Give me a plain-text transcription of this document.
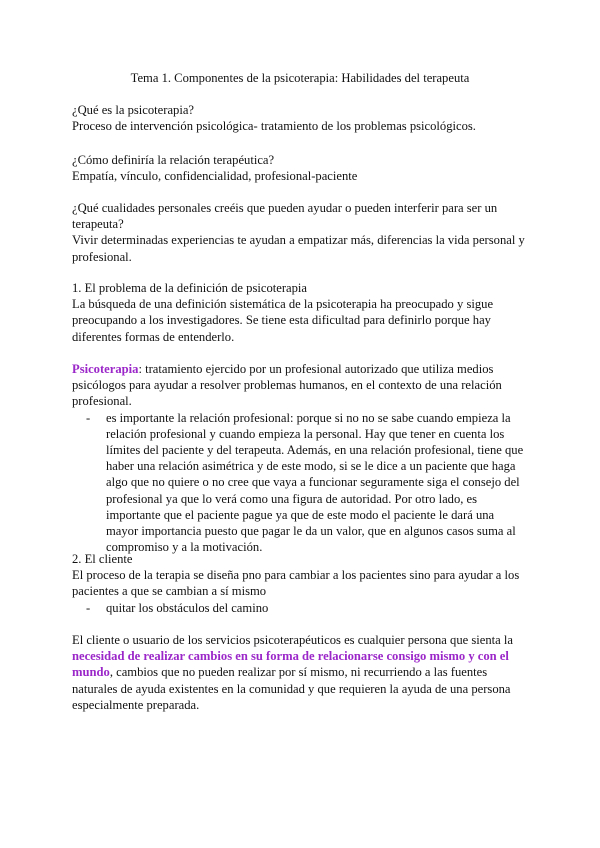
Tema 1. Componentes de la psicoterapia: Habilidades del terapeuta

¿Qué es la psicoterapia?

Proceso de intervención psicológica- tratamiento de los problemas psicológicos.

¿Cómo definiría la relación terapéutica?

Empatía, vínculo, confidencialidad, profesional-paciente

¿Qué cualidades personales creéis que pueden ayudar o pueden interferir para ser un terapeuta?

Vivir determinadas experiencias te ayudan a empatizar más, diferencias la vida personal y profesional.

1. El problema de la definición de psicoterapia

La búsqueda de una definición sistemática de la psicoterapia ha preocupado y sigue preocupando a los investigadores. Se tiene esta dificultad para definirlo porque hay diferentes formas de entenderlo.

Psicoterapia: tratamiento ejercido por un profesional autorizado que utiliza medios psicólogos para ayudar a resolver problemas humanos, en el contexto de una relación profesional.

- es importante la relación profesional: porque si no no se sabe cuando empieza la relación profesional y cuando empieza la personal. Hay que tener en cuenta los límites del paciente y del terapeuta. Además, en una relación profesional, tiene que haber una relación asimétrica y de este modo, si se le dice a un paciente que haga algo que no quiere o no cree que vaya a funcionar seguramente siga el consejo del profesional ya que lo verá como una figura de autoridad. Por otro lado, es importante que el paciente pague ya que de este modo el paciente le dará una mayor importancia puesto que pagar le da un valor, que en algunos casos suma al compromiso y a la motivación.

2. El cliente

El proceso de la terapia se diseña pno para cambiar a los pacientes sino para ayudar a los pacientes a que se cambian a sí mismo

- quitar los obstáculos del camino

El cliente o usuario de los servicios psicoterapéuticos es cualquier persona que sienta la necesidad de realizar cambios en su forma de relacionarse consigo mismo y con el mundo, cambios que no pueden realizar por sí mismo, ni recurriendo a las fuentes naturales de ayuda existentes en la comunidad y que requieren la ayuda de una persona especialmente preparada.
